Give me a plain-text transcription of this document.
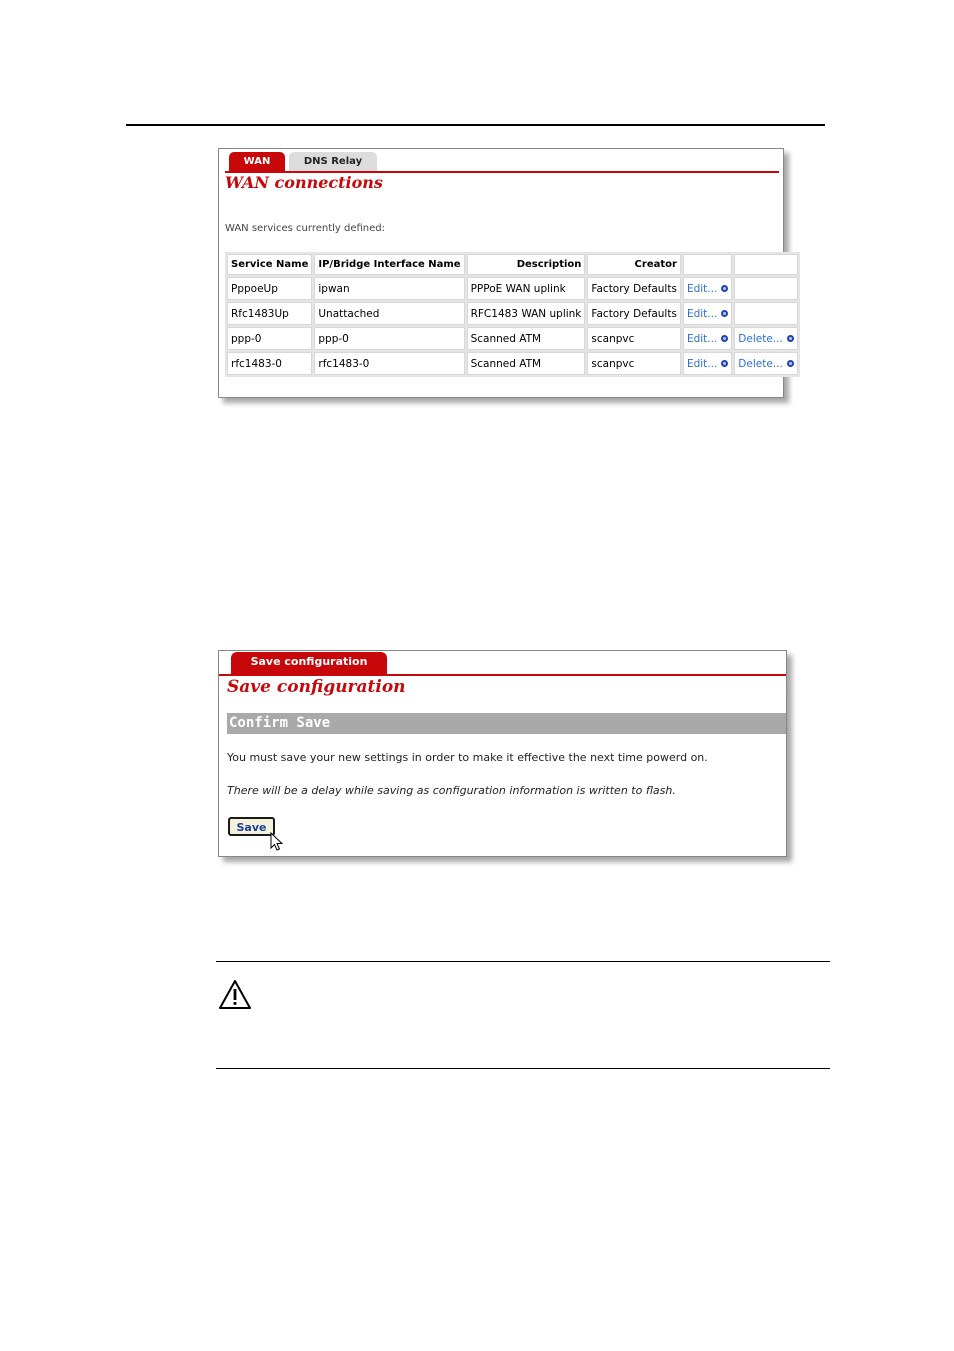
WAN	DNS Relay
WAN connections
WAN services currently defined:
Service Name	IP/Bridge Interface Name	Description	Creator		
PppoeUp	ipwan	PPPoE WAN uplink	Factory Defaults	Edit...	
Rfc1483Up	Unattached	RFC1483 WAN uplink	Factory Defaults	Edit...	
ppp-0	ppp-0	Scanned ATM	scanpvc	Edit...	Delete...
rfc1483-0	rfc1483-0	Scanned ATM	scanpvc	Edit...	Delete...
Save configuration
Save configuration
Confirm Save
You must save your new settings in order to make it effective the next time powerd on.
There will be a delay while saving as configuration information is written to flash.
Save
